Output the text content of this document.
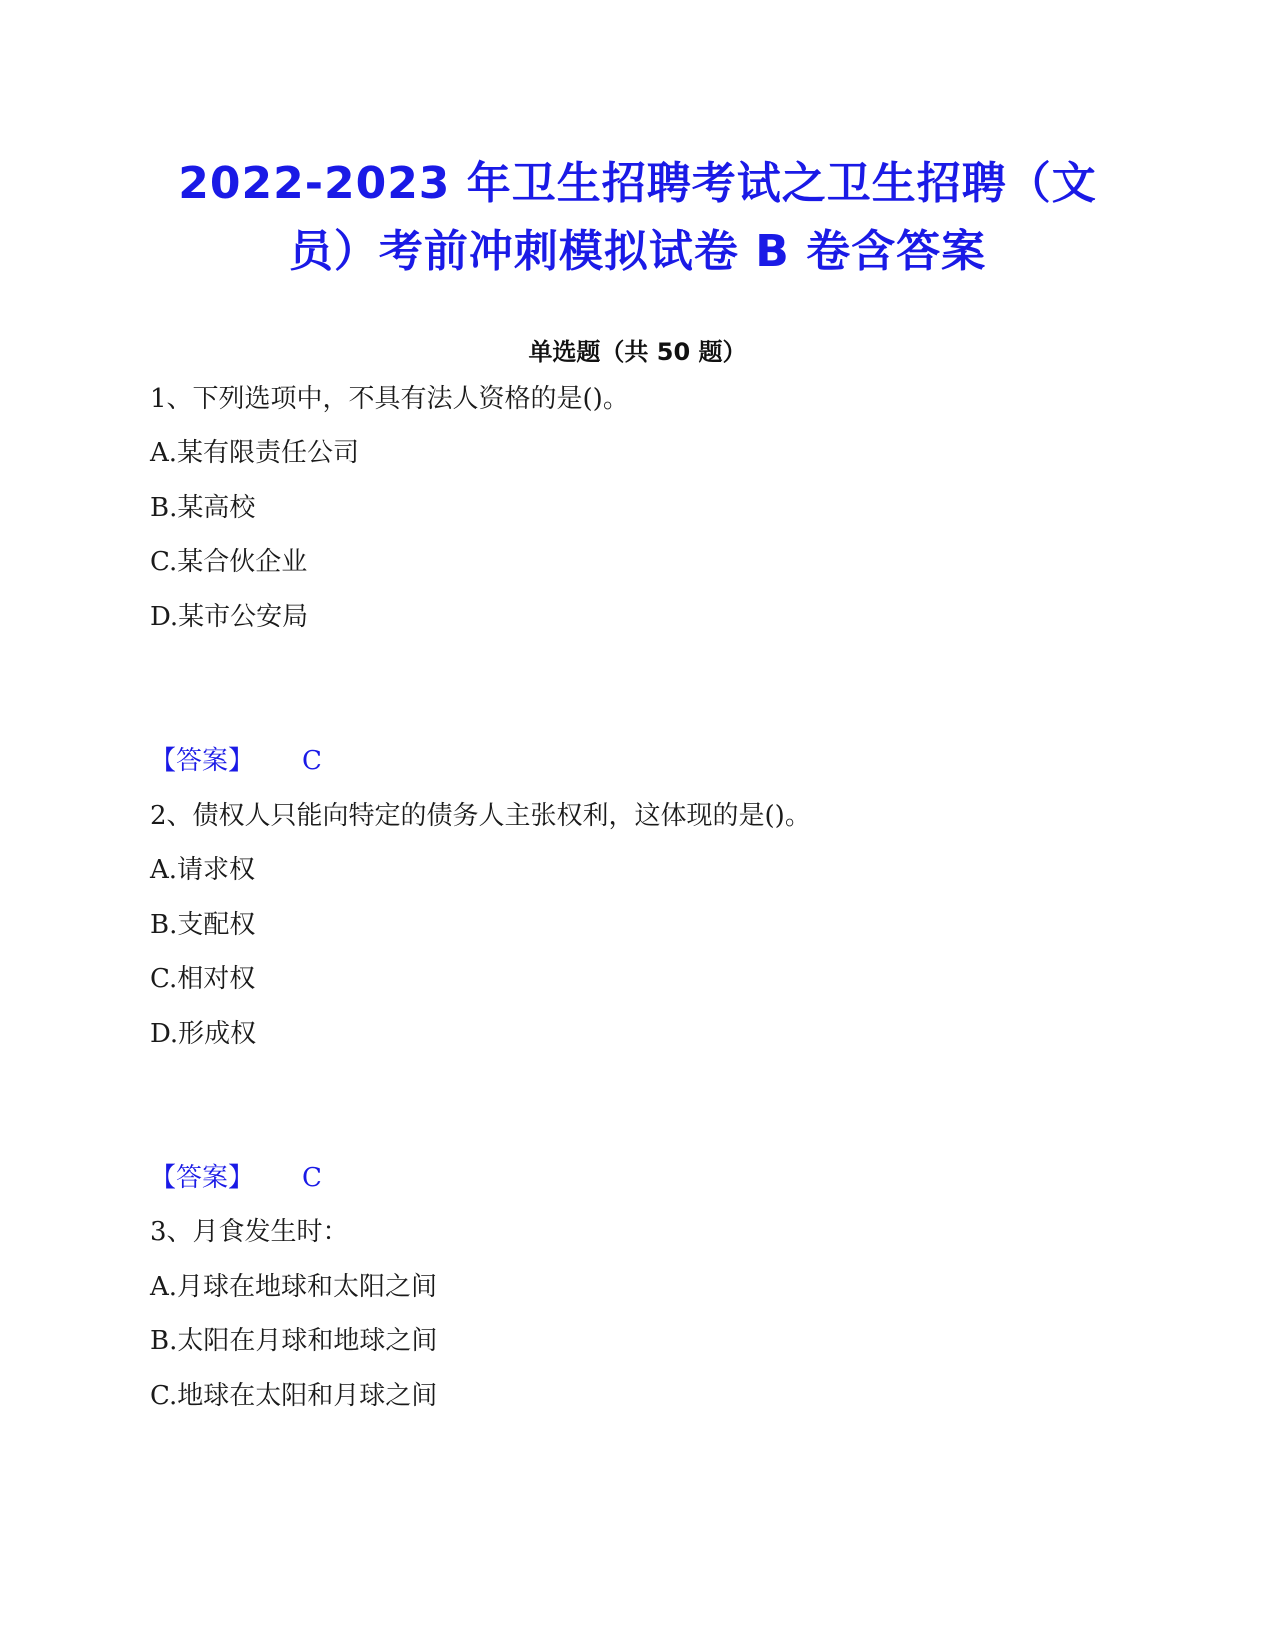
2022-2023 年卫生招聘考试之卫生招聘（文
员）考前冲刺模拟试卷 B 卷含答案
单选题（共 50 题）
1、下列选项中，不具有法人资格的是()。
A.某有限责任公司
B.某高校
C.某合伙企业
D.某市公安局
【答案】 C
2、债权人只能向特定的债务人主张权利，这体现的是()。
A.请求权
B.支配权
C.相对权
D.形成权
【答案】 C
3、月食发生时：
A.月球在地球和太阳之间
B.太阳在月球和地球之间
C.地球在太阳和月球之间
